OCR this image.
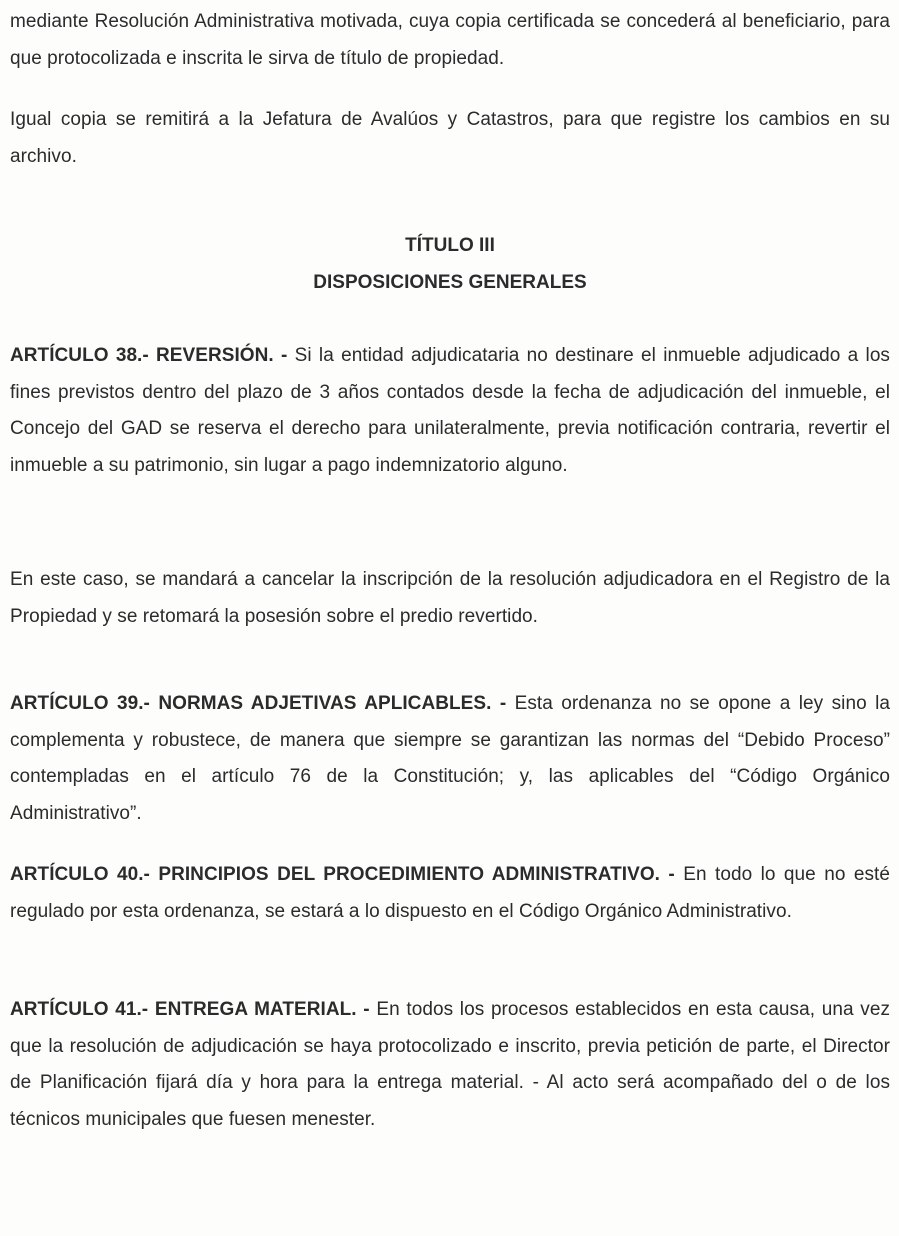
mediante Resolución Administrativa motivada, cuya copia certificada se concederá al beneficiario, para que protocolizada e inscrita le sirva de título de propiedad.

Igual copia se remitirá a la Jefatura de Avalúos y Catastros, para que registre los cambios en su archivo.

TÍTULO III
DISPOSICIONES GENERALES

ARTÍCULO 38.- REVERSIÓN. - Si la entidad adjudicataria no destinare el inmueble adjudicado a los fines previstos dentro del plazo de 3 años contados desde la fecha de adjudicación del inmueble, el Concejo del GAD se reserva el derecho para unilateralmente, previa notificación contraria, revertir el inmueble a su patrimonio, sin lugar a pago indemnizatorio alguno.

En este caso, se mandará a cancelar la inscripción de la resolución adjudicadora en el Registro de la Propiedad y se retomará la posesión sobre el predio revertido.

ARTÍCULO 39.- NORMAS ADJETIVAS APLICABLES. - Esta ordenanza no se opone a ley sino la complementa y robustece, de manera que siempre se garantizan las normas del “Debido Proceso” contempladas en el artículo 76 de la Constitución; y, las aplicables del “Código Orgánico Administrativo”.

ARTÍCULO 40.- PRINCIPIOS DEL PROCEDIMIENTO ADMINISTRATIVO. - En todo lo que no esté regulado por esta ordenanza, se estará a lo dispuesto en el Código Orgánico Administrativo.

ARTÍCULO 41.- ENTREGA MATERIAL. - En todos los procesos establecidos en esta causa, una vez que la resolución de adjudicación se haya protocolizado e inscrito, previa petición de parte, el Director de Planificación fijará día y hora para la entrega material. - Al acto será acompañado del o de los técnicos municipales que fuesen menester.
